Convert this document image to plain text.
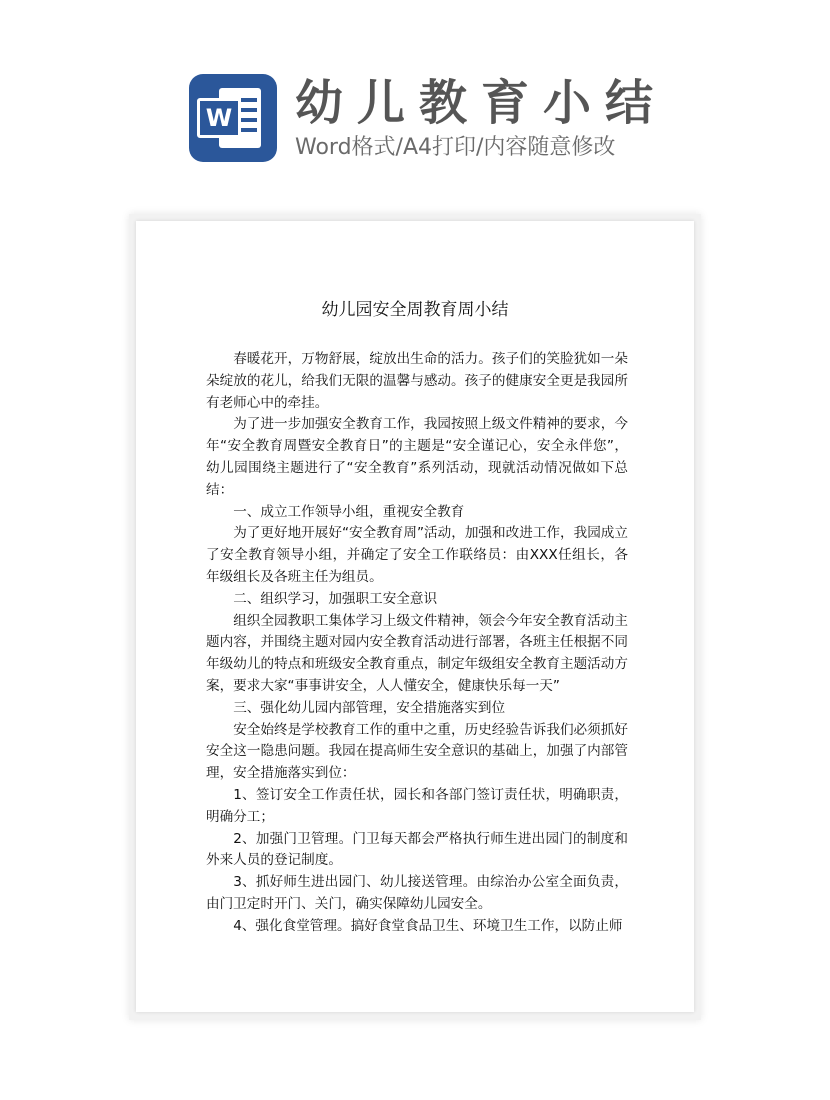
W 幼儿教育小结
Word格式/A4打印/内容随意修改
幼儿园安全周教育周小结

春暖花开，万物舒展，绽放出生命的活力。孩子们的笑脸犹如一朵朵绽放的花儿，给我们无限的温馨与感动。孩子的健康安全更是我园所有老师心中的牵挂。

为了进一步加强安全教育工作，我园按照上级文件精神的要求，今年“安全教育周暨安全教育日”的主题是“安全谨记心，安全永伴您”，幼儿园围绕主题进行了“安全教育”系列活动，现就活动情况做如下总结：

一、成立工作领导小组，重视安全教育

为了更好地开展好“安全教育周”活动，加强和改进工作，我园成立了安全教育领导小组，并确定了安全工作联络员：由XXX任组长，各年级组长及各班主任为组员。

二、组织学习，加强职工安全意识

组织全园教职工集体学习上级文件精神，领会今年安全教育活动主题内容，并围绕主题对园内安全教育活动进行部署，各班主任根据不同年级幼儿的特点和班级安全教育重点，制定年级组安全教育主题活动方案，要求大家“事事讲安全，人人懂安全，健康快乐每一天”

三、强化幼儿园内部管理，安全措施落实到位

安全始终是学校教育工作的重中之重，历史经验告诉我们必须抓好安全这一隐患问题。我园在提高师生安全意识的基础上，加强了内部管理，安全措施落实到位：

1、签订安全工作责任状，园长和各部门签订责任状，明确职责，明确分工；

2、加强门卫管理。门卫每天都会严格执行师生进出园门的制度和外来人员的登记制度。

3、抓好师生进出园门、幼儿接送管理。由综治办公室全面负责，由门卫定时开门、关门，确实保障幼儿园安全。

4、强化食堂管理。搞好食堂食品卫生、环境卫生工作，以防止师
